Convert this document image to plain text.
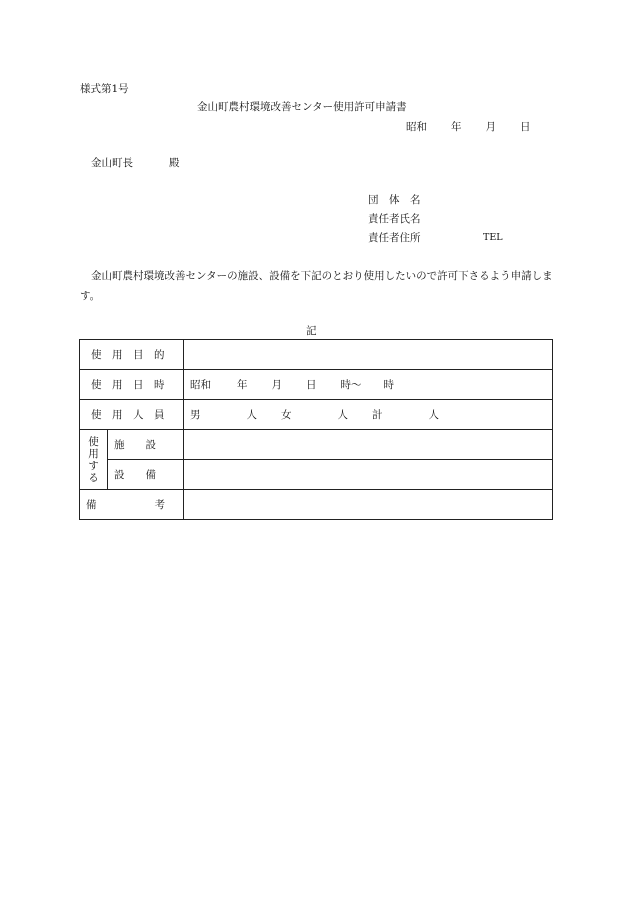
様式第1号
金山町農村環境改善センター使用許可申請書
昭和 年 月 日
金山町長	殿
団　体　名
責任者氏名
責任者住所	TEL
金山町農村環境改善センターの施設、設備を下記のとおり使用したいので許可下さるよう申請します。
記
使　用　目　的		
使　用　日　時		昭和 年 月 日 時〜 時
使　用　人　員		男 人 女 人 計 人

使
用
す
る	施　　設	
	設　　備	
備 考		
